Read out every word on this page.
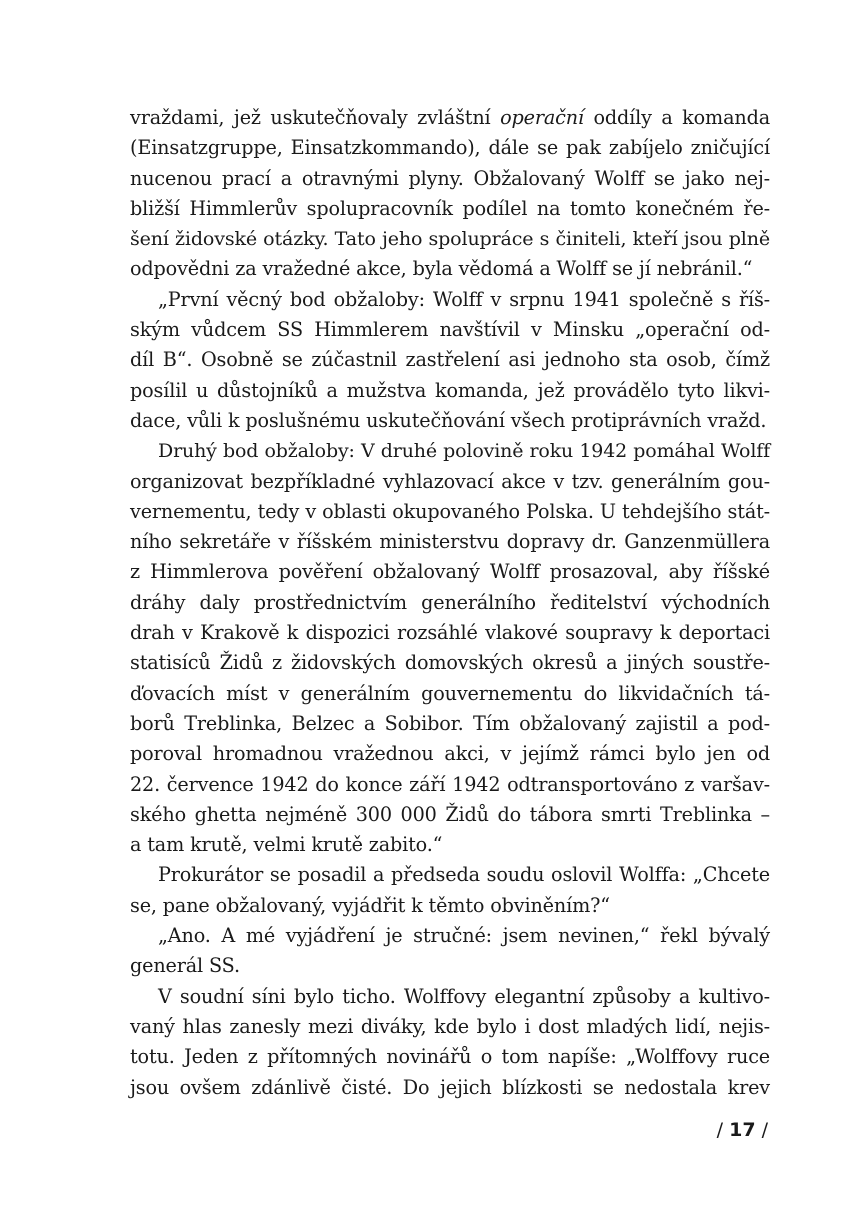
vraždami, jež uskutečňovaly zvláštní operační oddíly a komanda
(Einsatzgruppe, Einsatzkommando), dále se pak zabíjelo zničující
nucenou prací a otravnými plyny. Obžalovaný Wolff se jako nej-
bližší Himmlerův spolupracovník podílel na tomto konečném ře-
šení židovské otázky. Tato jeho spolupráce s činiteli, kteří jsou plně
odpovědni za vražedné akce, byla vědomá a Wolff se jí nebránil.“
„První věcný bod obžaloby: Wolff v srpnu 1941 společně s říš-
ským vůdcem SS Himmlerem navštívil v Minsku „operační od-
díl B“. Osobně se zúčastnil zastřelení asi jednoho sta osob, čímž
posílil u důstojníků a mužstva komanda, jež provádělo tyto likvi-
dace, vůli k poslušnému uskutečňování všech protiprávních vražd.
Druhý bod obžaloby: V druhé polovině roku 1942 pomáhal Wolff
organizovat bezpříkladné vyhlazovací akce v tzv. generálním gou-
vernementu, tedy v oblasti okupovaného Polska. U tehdejšího stát-
ního sekretáře v říšském ministerstvu dopravy dr. Ganzenmüllera
z Himmlerova pověření obžalovaný Wolff prosazoval, aby říšské
dráhy daly prostřednictvím generálního ředitelství východních
drah v Krakově k dispozici rozsáhlé vlakové soupravy k deportaci
statisíců Židů z židovských domovských okresů a jiných soustře-
ďovacích míst v generálním gouvernementu do likvidačních tá-
borů Treblinka, Belzec a Sobibor. Tím obžalovaný zajistil a pod-
poroval hromadnou vražednou akci, v jejímž rámci bylo jen od
22. července 1942 do konce září 1942 odtransportováno z varšav-
ského ghetta nejméně 300 000 Židů do tábora smrti Treblinka –
a tam krutě, velmi krutě zabito.“
Prokurátor se posadil a předseda soudu oslovil Wolffa: „Chcete
se, pane obžalovaný, vyjádřit k těmto obviněním?“
„Ano. A mé vyjádření je stručné: jsem nevinen,“ řekl bývalý
generál SS.
V soudní síni bylo ticho. Wolffovy elegantní způsoby a kultivo-
vaný hlas zanesly mezi diváky, kde bylo i dost mladých lidí, nejis-
totu. Jeden z přítomných novinářů o tom napíše: „Wolffovy ruce
jsou ovšem zdánlivě čisté. Do jejich blízkosti se nedostala krev
/ 17 /
